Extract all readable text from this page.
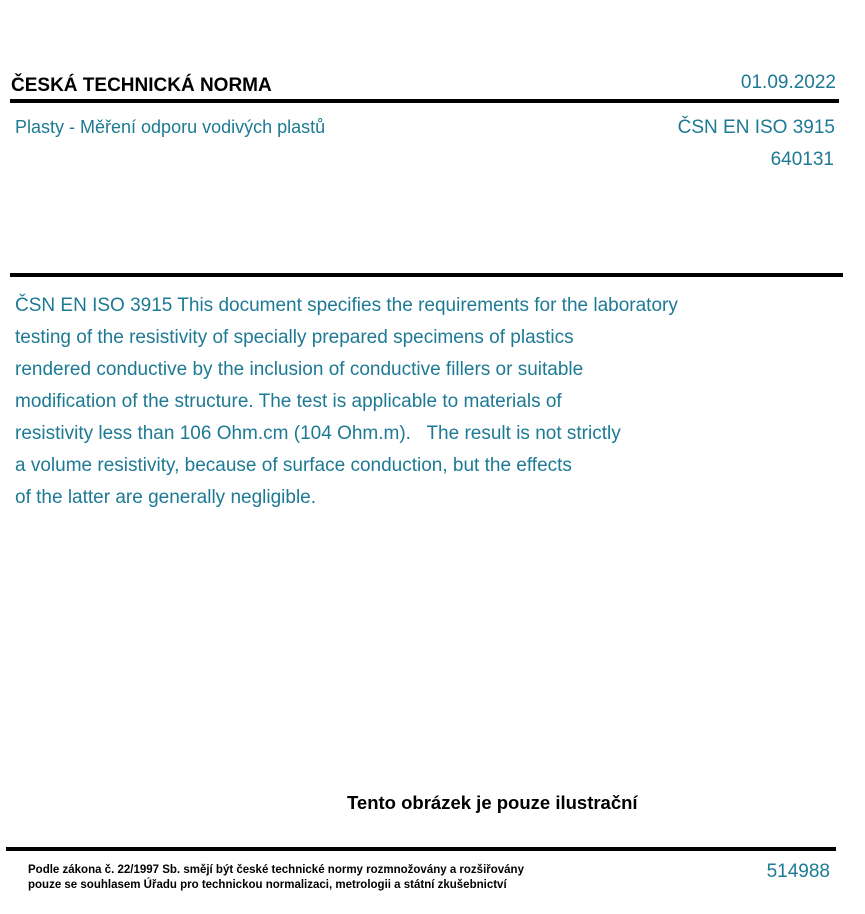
ČESKÁ TECHNICKÁ NORMA	01.09.2022
Plasty - Měření odporu vodivých plastů	ČSN EN ISO 3915
640131
ČSN EN ISO 3915 This document specifies the requirements for the laboratory
testing of the resistivity of specially prepared specimens of plastics
rendered conductive by the inclusion of conductive fillers or suitable
modification of the structure. The test is applicable to materials of
resistivity less than 106 Ohm.cm (104 Ohm.m).   The result is not strictly
a volume resistivity, because of surface conduction, but the effects
of the latter are generally negligible.
Tento obrázek je pouze ilustrační
Podle zákona č. 22/1997 Sb. smějí být české technické normy rozmnožovány a rozšiřovány
pouze se souhlasem Úřadu pro technickou normalizaci, metrologii a státní zkušebnictví
514988
